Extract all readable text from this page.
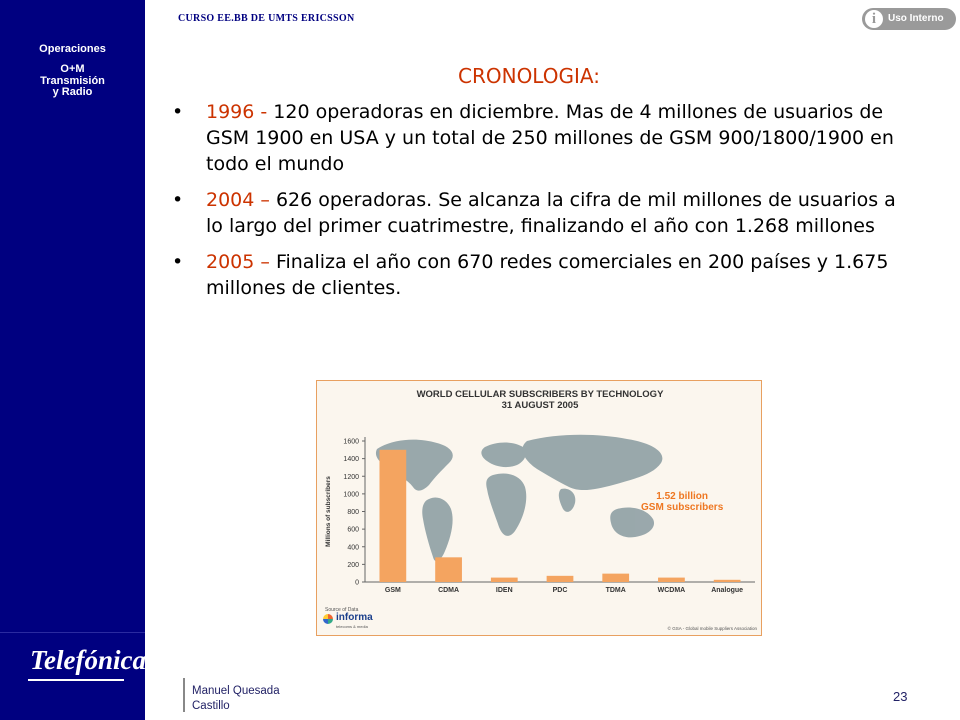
Operaciones
O+M
Transmisión
y Radio
Telefónica
CURSO EE.BB DE UMTS ERICSSON	i	Uso Interno
CRONOLOGIA:
• 1996 - 120 operadoras en diciembre. Mas de 4 millones de usuarios de GSM 1900 en USA y un total de 250 millones de GSM 900/1800/1900 en todo el mundo
• 2004 – 626 operadoras. Se alcanza la cifra de mil millones de usuarios a lo largo del primer cuatrimestre, finalizando el año con 1.268 millones
• 2005 – Finaliza el año con 670 redes comerciales en 200 países y 1.675 millones de clientes.
WORLD CELLULAR SUBSCRIBERS BY TECHNOLOGY
31 AUGUST 2005
0
200
400
600
800
1000
1200
1400
1600
Millions of subscribers
GSM	CDMA	IDEN	PDC	TDMA	WCDMA	Analogue
1.52 billion
GSM subscribers
Source of Data
informa
telecoms & media	© GSA - Global mobile Suppliers Association
Manuel Quesada
Castillo
23
